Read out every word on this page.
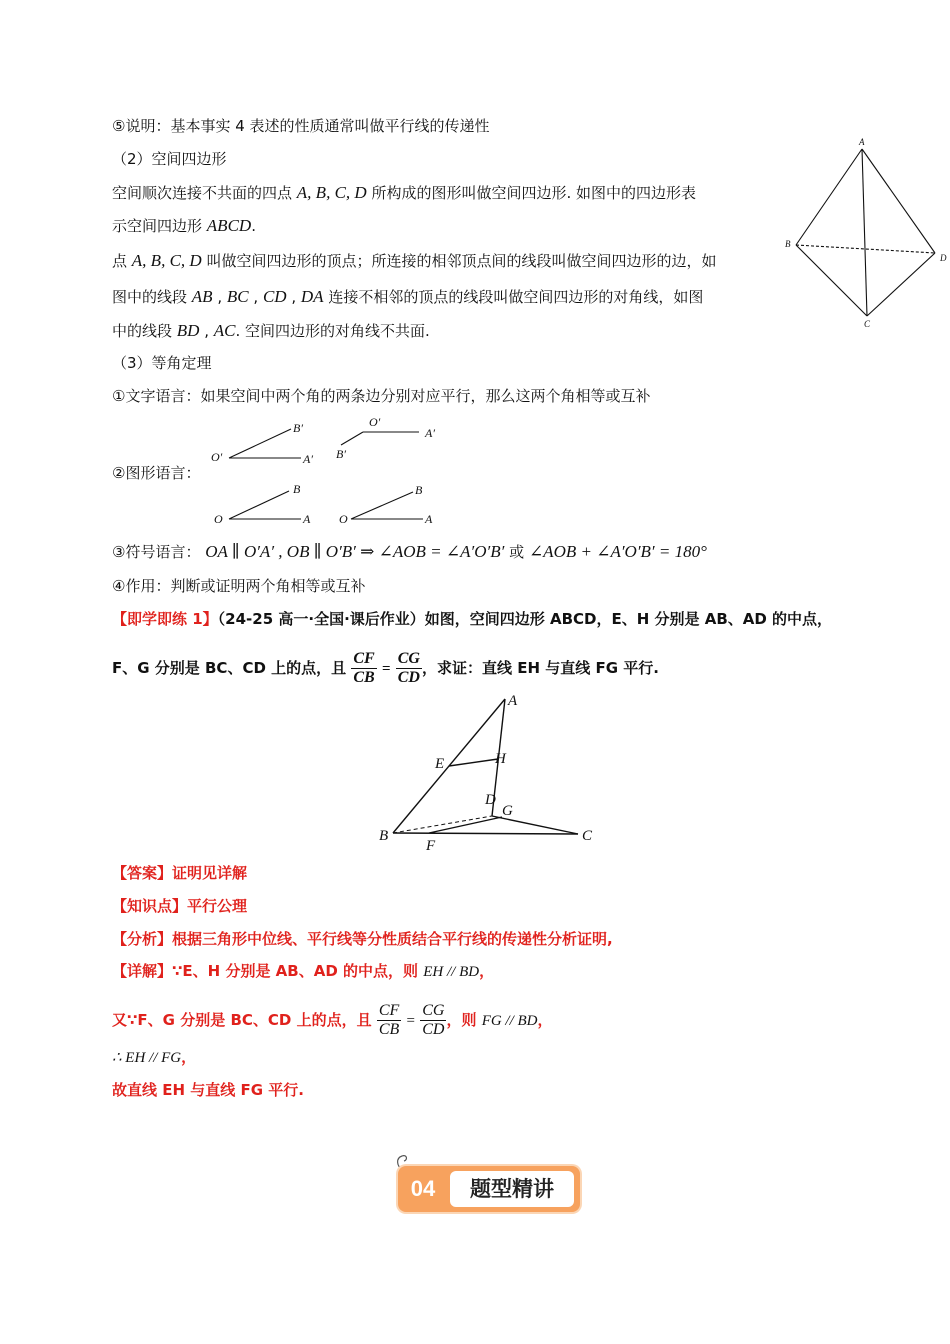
⑤说明：基本事实 4 表述的性质通常叫做平行线的传递性
（2）空间四边形
空间顺次连接不共面的四点 A, B, C, D 所构成的图形叫做空间四边形. 如图中的四边形表
示空间四边形 ABCD.
点 A, B, C, D 叫做空间四边形的顶点；所连接的相邻顶点间的线段叫做空间四边形的边，如
图中的线段 AB , BC , CD , DA 连接不相邻的顶点的线段叫做空间四边形的对角线，如图
中的线段 BD , AC. 空间四边形的对角线不共面.
（3）等角定理
①文字语言：如果空间中两个角的两条边分别对应平行，那么这两个角相等或互补
②图形语言：
③符号语言： OA ∥ O′A′ , OB ∥ O′B′ ⇒ ∠AOB = ∠A′O′B′ 或 ∠AOB + ∠A′O′B′ = 180°
④作用：判断或证明两个角相等或互补
【即学即练 1】（24-25 高一·全国·课后作业）如图，空间四边形 ABCD，E、H 分别是 AB、AD 的中点，
F、G 分别是 BC、CD 上的点，且 $\frac{CF}{CB} = \frac{CG}{CD}$ ，求证：直线 EH 与直线 FG 平行.
【答案】证明见详解
【知识点】平行公理
【分析】根据三角形中位线、平行线等分性质结合平行线的传递性分析证明,
【详解】∵E、H 分别是 AB、AD 的中点，则 EH // BD，
又∵F、G 分别是 BC、CD 上的点，且 $\frac{CF}{CB} = \frac{CG}{CD}$ ，则 FG // BD，
∴ EH // FG，
故直线 EH 与直线 FG 平行.
A
B
C
D
O′
B′
A′
O′
A′
B′
O
B
A O
B
A
A
H
E
D
G
B
F
C
04	题型精讲
